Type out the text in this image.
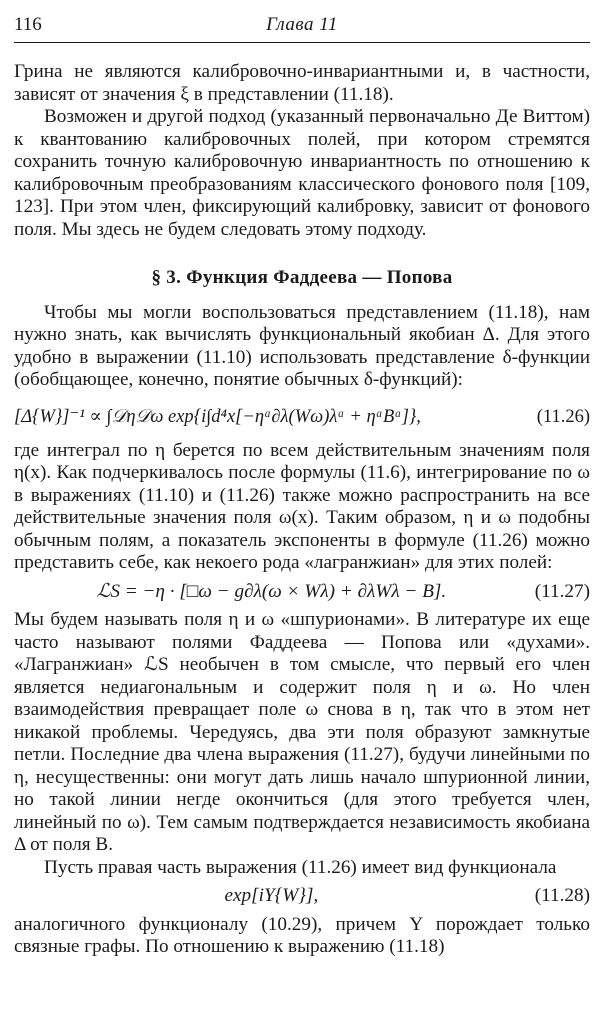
116	Глава 11

Грина не являются калибровочно-инвариантными и, в частности, зависят от значения ξ в представлении (11.18).

Возможен и другой подход (указанный первоначально Де Виттом) к квантованию калибровочных полей, при котором стремятся сохранить точную калибровочную инвариантность по отношению к калибровочным преобразованиям классического фонового поля [109, 123]. При этом член, фиксирующий калибровку, зависит от фонового поля. Мы здесь не будем следовать этому подходу.

§ 3. Функция Фаддеева — Попова

Чтобы мы могли воспользоваться представлением (11.18), нам нужно знать, как вычислять функциональный якобиан Δ. Для этого удобно в выражении (11.10) использовать представление δ-функции (обобщающее, конечно, понятие обычных δ-функций):

[Δ{W}]⁻¹ ∝ ∫𝒟η𝒟ω exp{i∫d⁴x[−ηᵃ∂λ(Wω)λᵃ + ηᵃBᵃ]},	(11.26)

где интеграл по η берется по всем действительным значениям поля η(x). Как подчеркивалось после формулы (11.6), интегрирование по ω в выражениях (11.10) и (11.26) также можно распространить на все действительные значения поля ω(x). Таким образом, η и ω подобны обычным полям, а показатель экспоненты в формуле (11.26) можно представить себе, как некоего рода «лагранжиан» для этих полей:

ℒS = −η · [□ω − g∂λ(ω × Wλ) + ∂λWλ − B].	(11.27)

Мы будем называть поля η и ω «шпурионами». В литературе их еще часто называют полями Фаддеева — Попова или «духами». «Лагранжиан» ℒS необычен в том смысле, что первый его член является недиагональным и содержит поля η и ω. Но член взаимодействия превращает поле ω снова в η, так что в этом нет никакой проблемы. Чередуясь, два эти поля образуют замкнутые петли. Последние два члена выражения (11.27), будучи линейными по η, несущественны: они могут дать лишь начало шпурионной линии, но такой линии негде окончиться (для этого требуется член, линейный по ω). Тем самым подтверждается независимость якобиана Δ от поля B.

Пусть правая часть выражения (11.26) имеет вид функционала

exp[iY{W}],	(11.28)

аналогичного функционалу (10.29), причем Y порождает только связные графы. По отношению к выражению (11.18)
